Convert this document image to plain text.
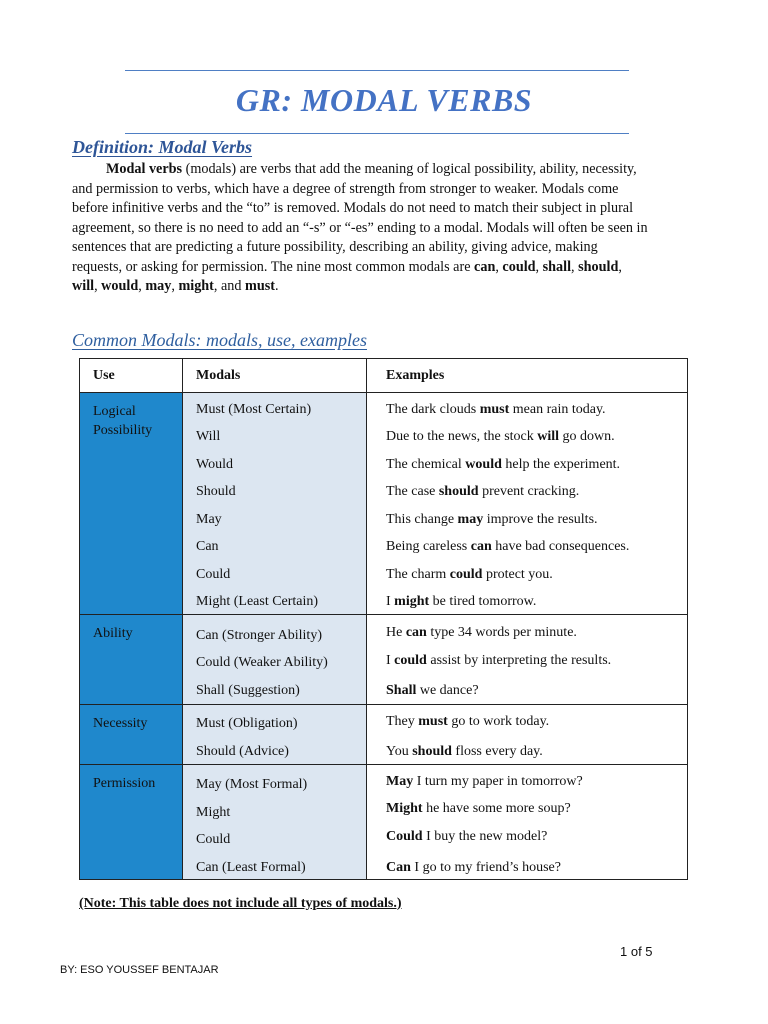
GR: MODAL VERBS
Definition: Modal Verbs
Modal verbs (modals) are verbs that add the meaning of logical possibility, ability, necessity,
and permission to verbs, which have a degree of strength from stronger to weaker. Modals come
before infinitive verbs and the “to” is removed. Modals do not need to match their subject in plural
agreement, so there is no need to add an “-s” or “-es” ending to a modal. Modals will often be seen in
sentences that are predicting a future possibility, describing an ability, giving advice, making
requests, or asking for permission. The nine most common modals are can, could, shall, should,
will, would, may, might, and must.
Common Modals: modals, use, examples
Use	Modals	Examples
Logical Possibility
Must (Most Certain)	The dark clouds must mean rain today.
Will	Due to the news, the stock will go down.
Would	The chemical would help the experiment.
Should	The case should prevent cracking.
May	This change may improve the results.
Can	Being careless can have bad consequences.
Could	The charm could protect you.
Might (Least Certain)	I might be tired tomorrow.
Ability	Can (Stronger Ability)	He can type 34 words per minute.
Could (Weaker Ability)	I could assist by interpreting the results.
Shall (Suggestion)	Shall we dance?
Necessity	Must (Obligation)	They must go to work today.
Should (Advice)	You should floss every day.
Permission	May (Most Formal)	May I turn my paper in tomorrow?
Might	Might he have some more soup?
Could	Could I buy the new model?
Can (Least Formal)	Can I go to my friend’s house?
(Note: This table does not include all types of modals.)
1 of 5
BY: ESO YOUSSEF BENTAJAR
